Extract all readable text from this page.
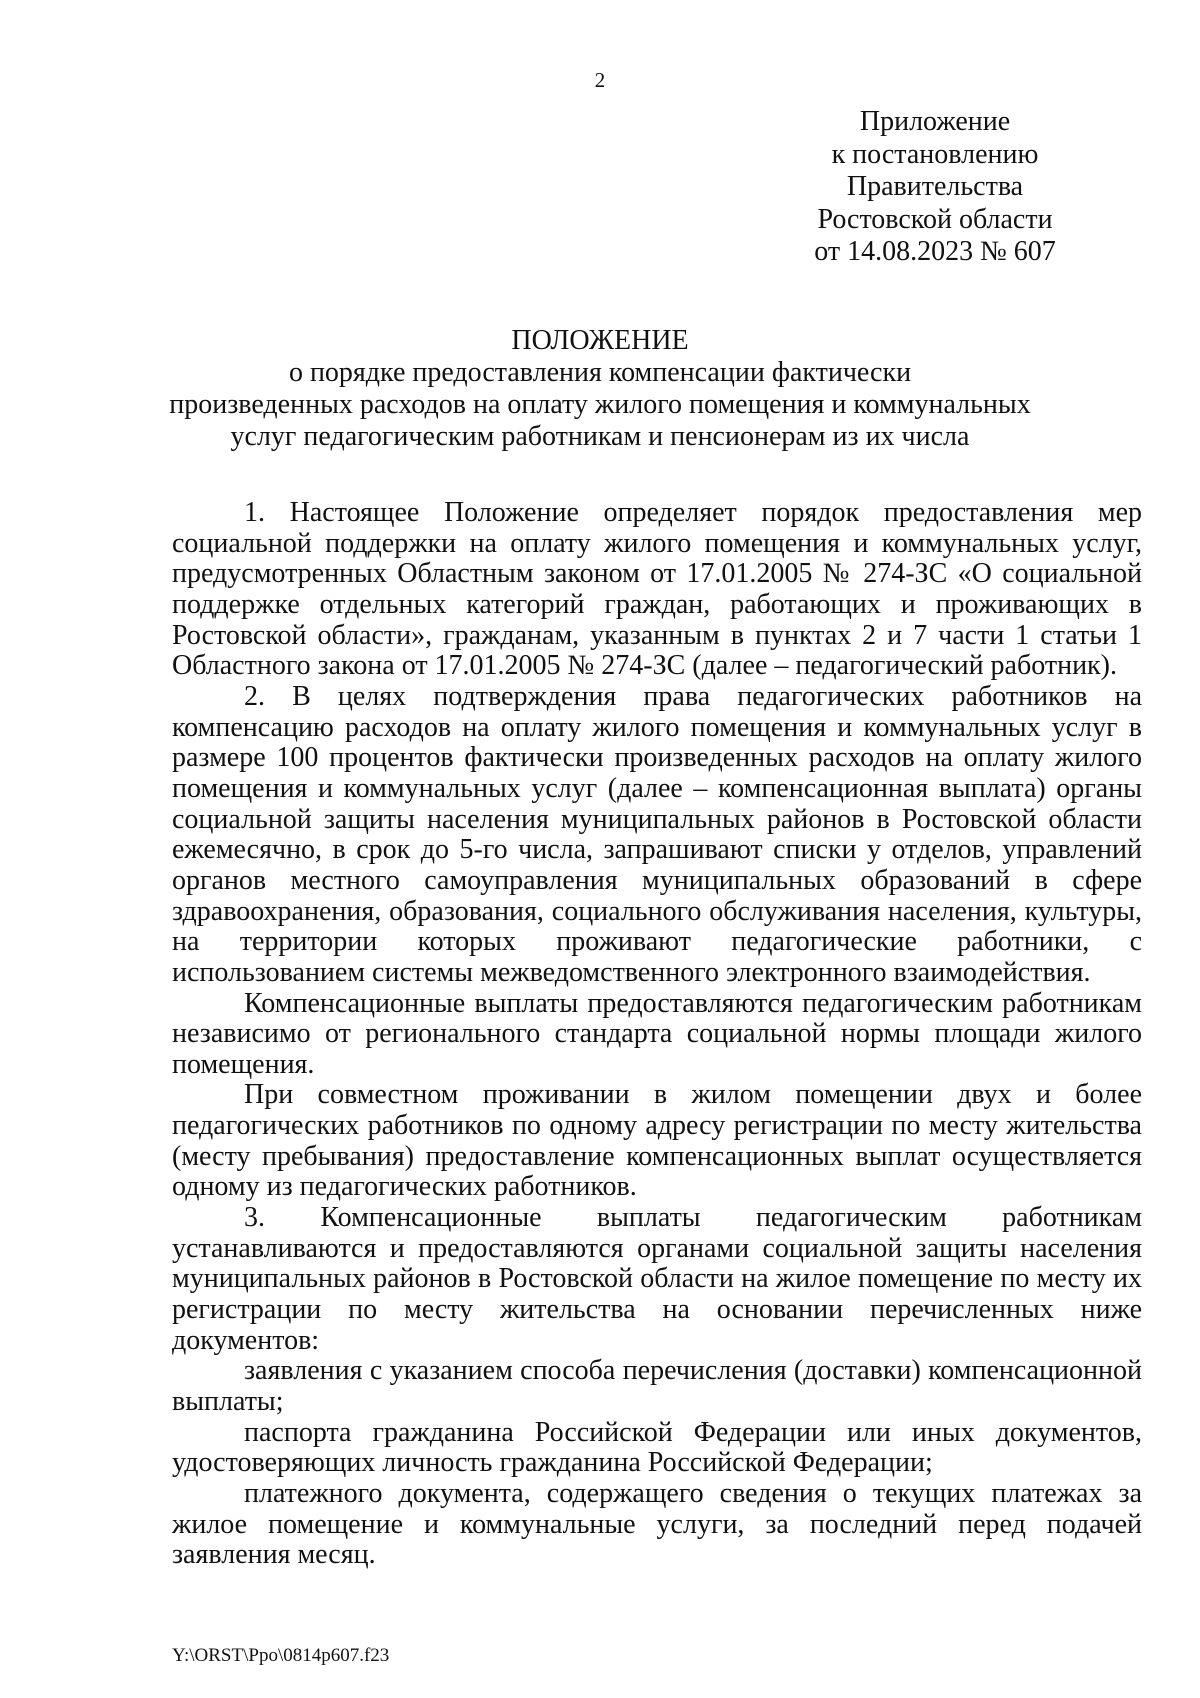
2
Приложение
к постановлению
Правительства
Ростовской области
от 14.08.2023 № 607
ПОЛОЖЕНИЕ
о порядке предоставления компенсации фактически
произведенных расходов на оплату жилого помещения и коммунальных
услуг педагогическим работникам и пенсионерам из их числа

1. Настоящее Положение определяет порядок предоставления мер социальной поддержки на оплату жилого помещения и коммунальных услуг, предусмотренных Областным законом от 17.01.2005 № 274-ЗС «О социальной поддержке отдельных категорий граждан, работающих и проживающих в Ростовской области», гражданам, указанным в пунктах 2 и 7 части 1 статьи 1 Областного закона от 17.01.2005 № 274-ЗС (далее – педагогический работник).

2. В целях подтверждения права педагогических работников на компенсацию расходов на оплату жилого помещения и коммунальных услуг в размере 100 процентов фактически произведенных расходов на оплату жилого помещения и коммунальных услуг (далее – компенсационная выплата) органы социальной защиты населения муниципальных районов в Ростовской области ежемесячно, в срок до 5-го числа, запрашивают списки у отделов, управлений органов местного самоуправления муниципальных образований в сфере здравоохранения, образования, социального обслуживания населения, культуры, на территории которых проживают педагогические работники, с использованием системы межведомственного электронного взаимодействия.

Компенсационные выплаты предоставляются педагогическим работникам независимо от регионального стандарта социальной нормы площади жилого помещения.

При совместном проживании в жилом помещении двух и более педагогических работников по одному адресу регистрации по месту жительства (месту пребывания) предоставление компенсационных выплат осуществляется одному из педагогических работников.

3. Компенсационные выплаты педагогическим работникам устанавливаются и предоставляются органами социальной защиты населения муниципальных районов в Ростовской области на жилое помещение по месту их регистрации по месту жительства на основании перечисленных ниже документов:

заявления с указанием способа перечисления (доставки) компенсационной выплаты;

паспорта гражданина Российской Федерации или иных документов, удостоверяющих личность гражданина Российской Федерации;

платежного документа, содержащего сведения о текущих платежах за жилое помещение и коммунальные услуги, за последний перед подачей заявления месяц.

Y:\ORST\Ppo\0814p607.f23
